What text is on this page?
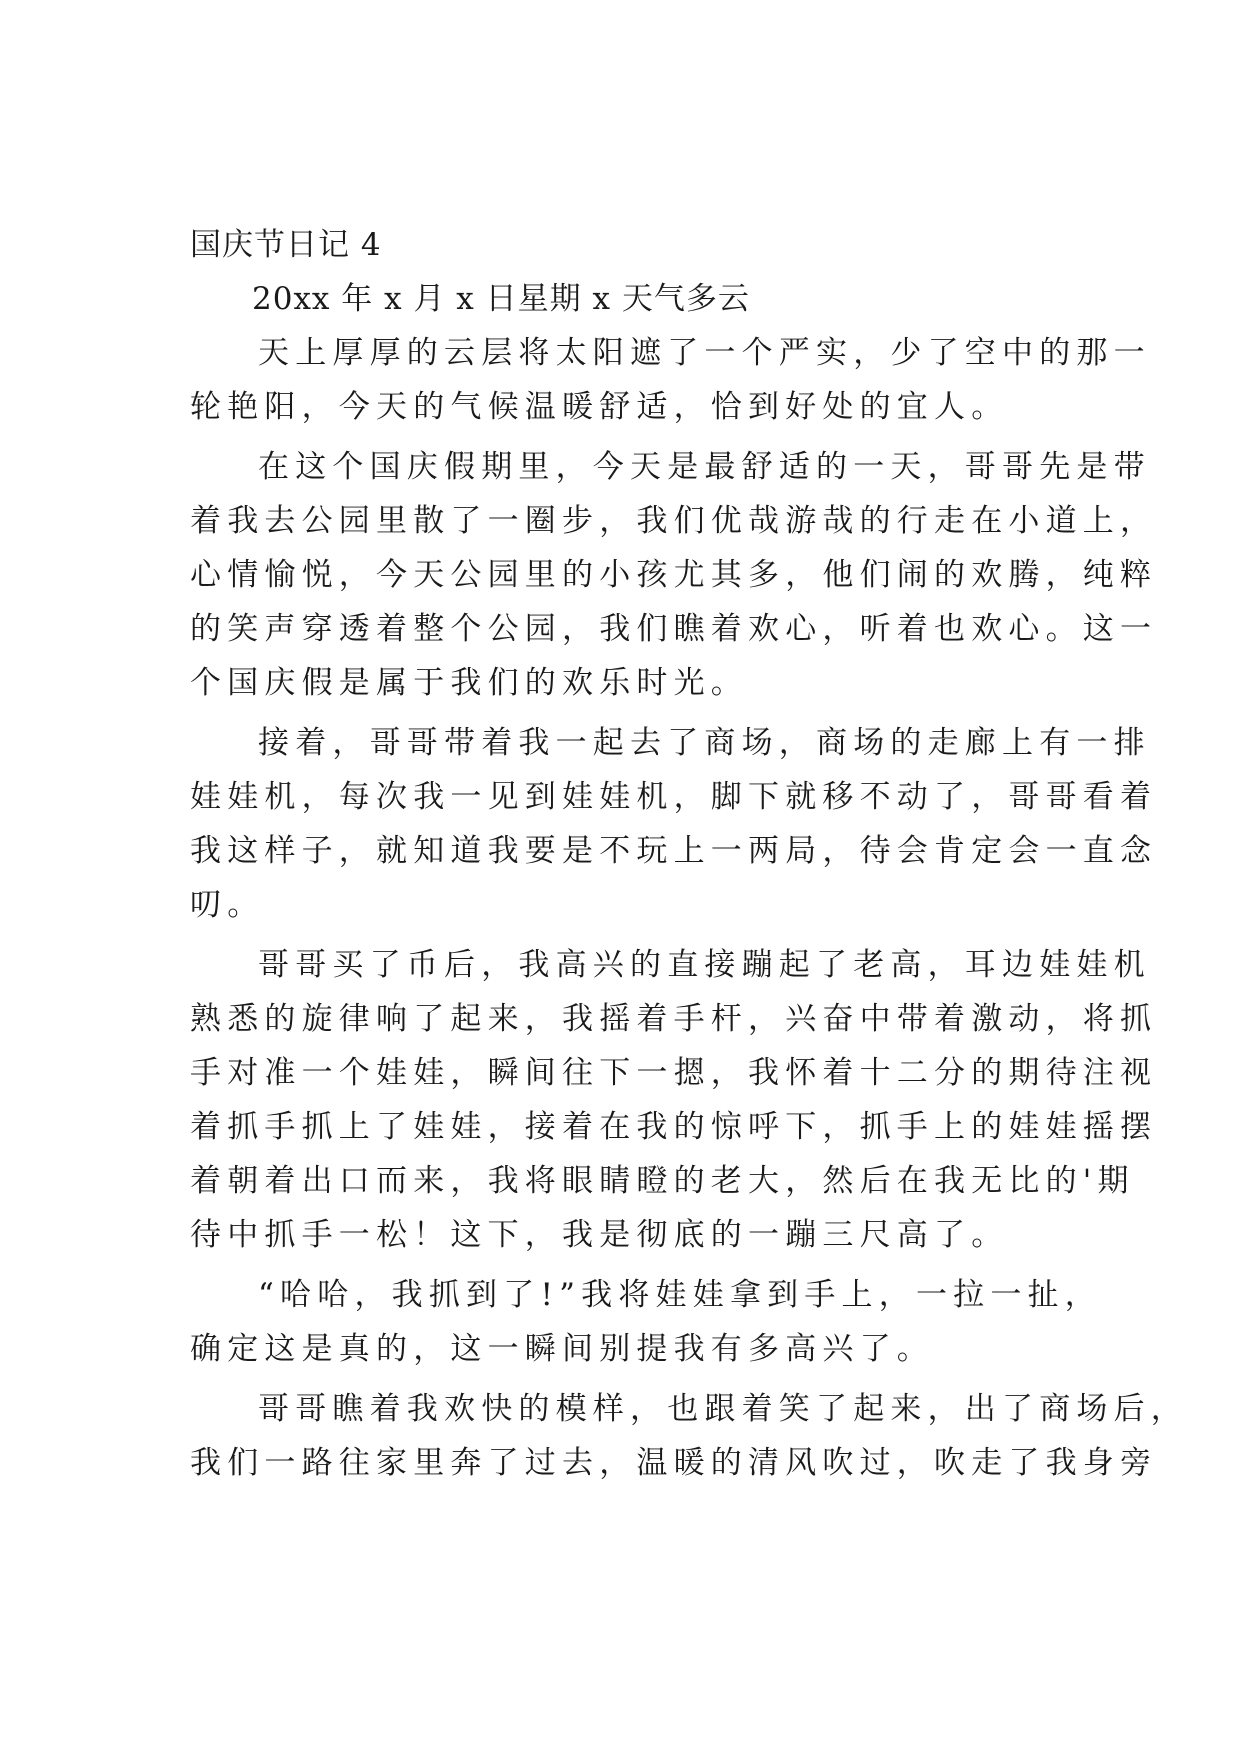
国庆节日记 4

20xx 年 x 月 x 日星期 x 天气多云

天上厚厚的云层将太阳遮了一个严实，少了空中的那一
轮艳阳，今天的气候温暖舒适，恰到好处的宜人。
在这个国庆假期里，今天是最舒适的一天，哥哥先是带
着我去公园里散了一圈步，我们优哉游哉的行走在小道上，
心情愉悦，今天公园里的小孩尤其多，他们闹的欢腾，纯粹
的笑声穿透着整个公园，我们瞧着欢心，听着也欢心。这一
个国庆假是属于我们的欢乐时光。
接着，哥哥带着我一起去了商场，商场的走廊上有一排
娃娃机，每次我一见到娃娃机，脚下就移不动了，哥哥看着
我这样子，就知道我要是不玩上一两局，待会肯定会一直念
叨。
哥哥买了币后，我高兴的直接蹦起了老高，耳边娃娃机
熟悉的旋律响了起来，我摇着手杆，兴奋中带着激动，将抓
手对准一个娃娃，瞬间往下一摁，我怀着十二分的期待注视
着抓手抓上了娃娃，接着在我的惊呼下，抓手上的娃娃摇摆
着朝着出口而来，我将眼睛瞪的老大，然后在我无比的'期
待中抓手一松！这下，我是彻底的一蹦三尺高了。
“哈哈，我抓到了!”我将娃娃拿到手上，一拉一扯，
确定这是真的，这一瞬间别提我有多高兴了。
哥哥瞧着我欢快的模样，也跟着笑了起来，出了商场后，
我们一路往家里奔了过去，温暖的清风吹过，吹走了我身旁
